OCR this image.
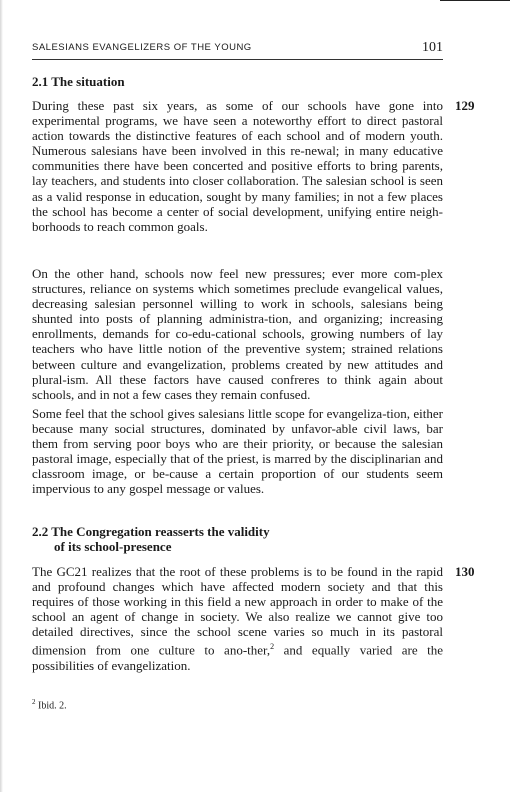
SALESIANS EVANGELIZERS OF THE YOUNG	101
2.1 The situation
129

During these past six years, as some of our schools have gone into experimental programs, we have seen a noteworthy effort to direct pastoral action towards the distinctive features of each school and of modern youth. Numerous salesians have been involved in this re-newal; in many educative communities there have been concerted and positive efforts to bring parents, lay teachers, and students into closer collaboration. The salesian school is seen as a valid response in education, sought by many families; in not a few places the school has become a center of social development, unifying entire neigh-borhoods to reach common goals.

On the other hand, schools now feel new pressures; ever more com-plex structures, reliance on systems which sometimes preclude evangelical values, decreasing salesian personnel willing to work in schools, salesians being shunted into posts of planning administra-tion, and organizing; increasing enrollments, demands for co-edu-cational schools, growing numbers of lay teachers who have little notion of the preventive system; strained relations between culture and evangelization, problems created by new attitudes and plural-ism. All these factors have caused confreres to think again about schools, and in not a few cases they remain confused.

Some feel that the school gives salesians little scope for evangeliza-tion, either because many social structures, dominated by unfavor-able civil laws, bar them from serving poor boys who are their priority, or because the salesian pastoral image, especially that of the priest, is marred by the disciplinarian and classroom image, or be-cause a certain proportion of our students seem impervious to any gospel message or values.

2.2 The Congregation reasserts the validity
of its school-presence
130

The GC21 realizes that the root of these problems is to be found in the rapid and profound changes which have affected modern society and that this requires of those working in this field a new approach in order to make of the school an agent of change in society. We also realize we cannot give too detailed directives, since the school scene varies so much in its pastoral dimension from one culture to ano-ther,$^2$ and equally varied are the possibilities of evangelization.

$^2$ Ibid. 2.
